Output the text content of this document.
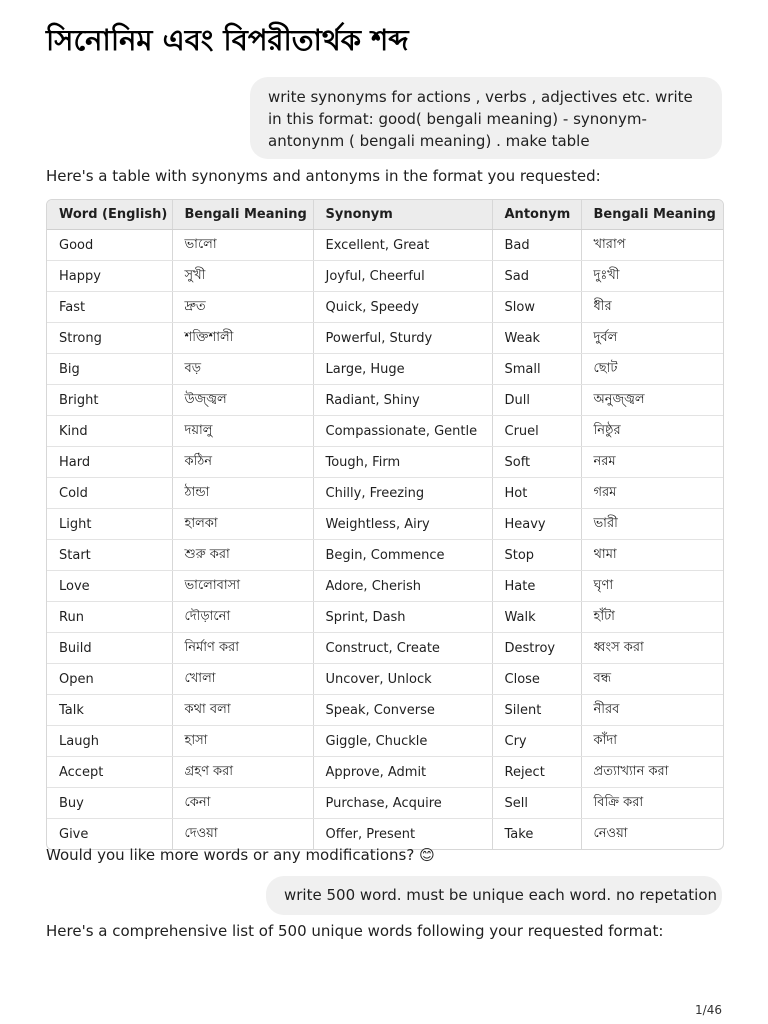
সিনোনিম এবং বিপরীতার্থক শব্দ
write synonyms for actions , verbs , adjectives etc. write in this format: good( bengali meaning) - synonym- antonynm ( bengali meaning) . make table
Here's a table with synonyms and antonyms in the format you requested:
Word (English)	Bengali Meaning	Synonym	Antonym	Bengali Meaning
Good	ভালো	Excellent, Great	Bad	খারাপ
Happy	সুখী	Joyful, Cheerful	Sad	দুঃখী
Fast	দ্রুত	Quick, Speedy	Slow	ধীর
Strong	শক্তিশালী	Powerful, Sturdy	Weak	দুর্বল
Big	বড়	Large, Huge	Small	ছোট
Bright	উজ্জ্বল	Radiant, Shiny	Dull	অনুজ্জ্বল
Kind	দয়ালু	Compassionate, Gentle	Cruel	নিষ্ঠুর
Hard	কঠিন	Tough, Firm	Soft	নরম
Cold	ঠান্ডা	Chilly, Freezing	Hot	গরম
Light	হালকা	Weightless, Airy	Heavy	ভারী
Start	শুরু করা	Begin, Commence	Stop	থামা
Love	ভালোবাসা	Adore, Cherish	Hate	ঘৃণা
Run	দৌড়ানো	Sprint, Dash	Walk	হাঁটা
Build	নির্মাণ করা	Construct, Create	Destroy	ধ্বংস করা
Open	খোলা	Uncover, Unlock	Close	বন্ধ
Talk	কথা বলা	Speak, Converse	Silent	নীরব
Laugh	হাসা	Giggle, Chuckle	Cry	কাঁদা
Accept	গ্রহণ করা	Approve, Admit	Reject	প্রত্যাখ্যান করা
Buy	কেনা	Purchase, Acquire	Sell	বিক্রি করা
Give	দেওয়া	Offer, Present	Take	নেওয়া
Would you like more words or any modifications? 😊
write 500 word. must be unique each word. no repetation
Here's a comprehensive list of 500 unique words following your requested format:
1/46
